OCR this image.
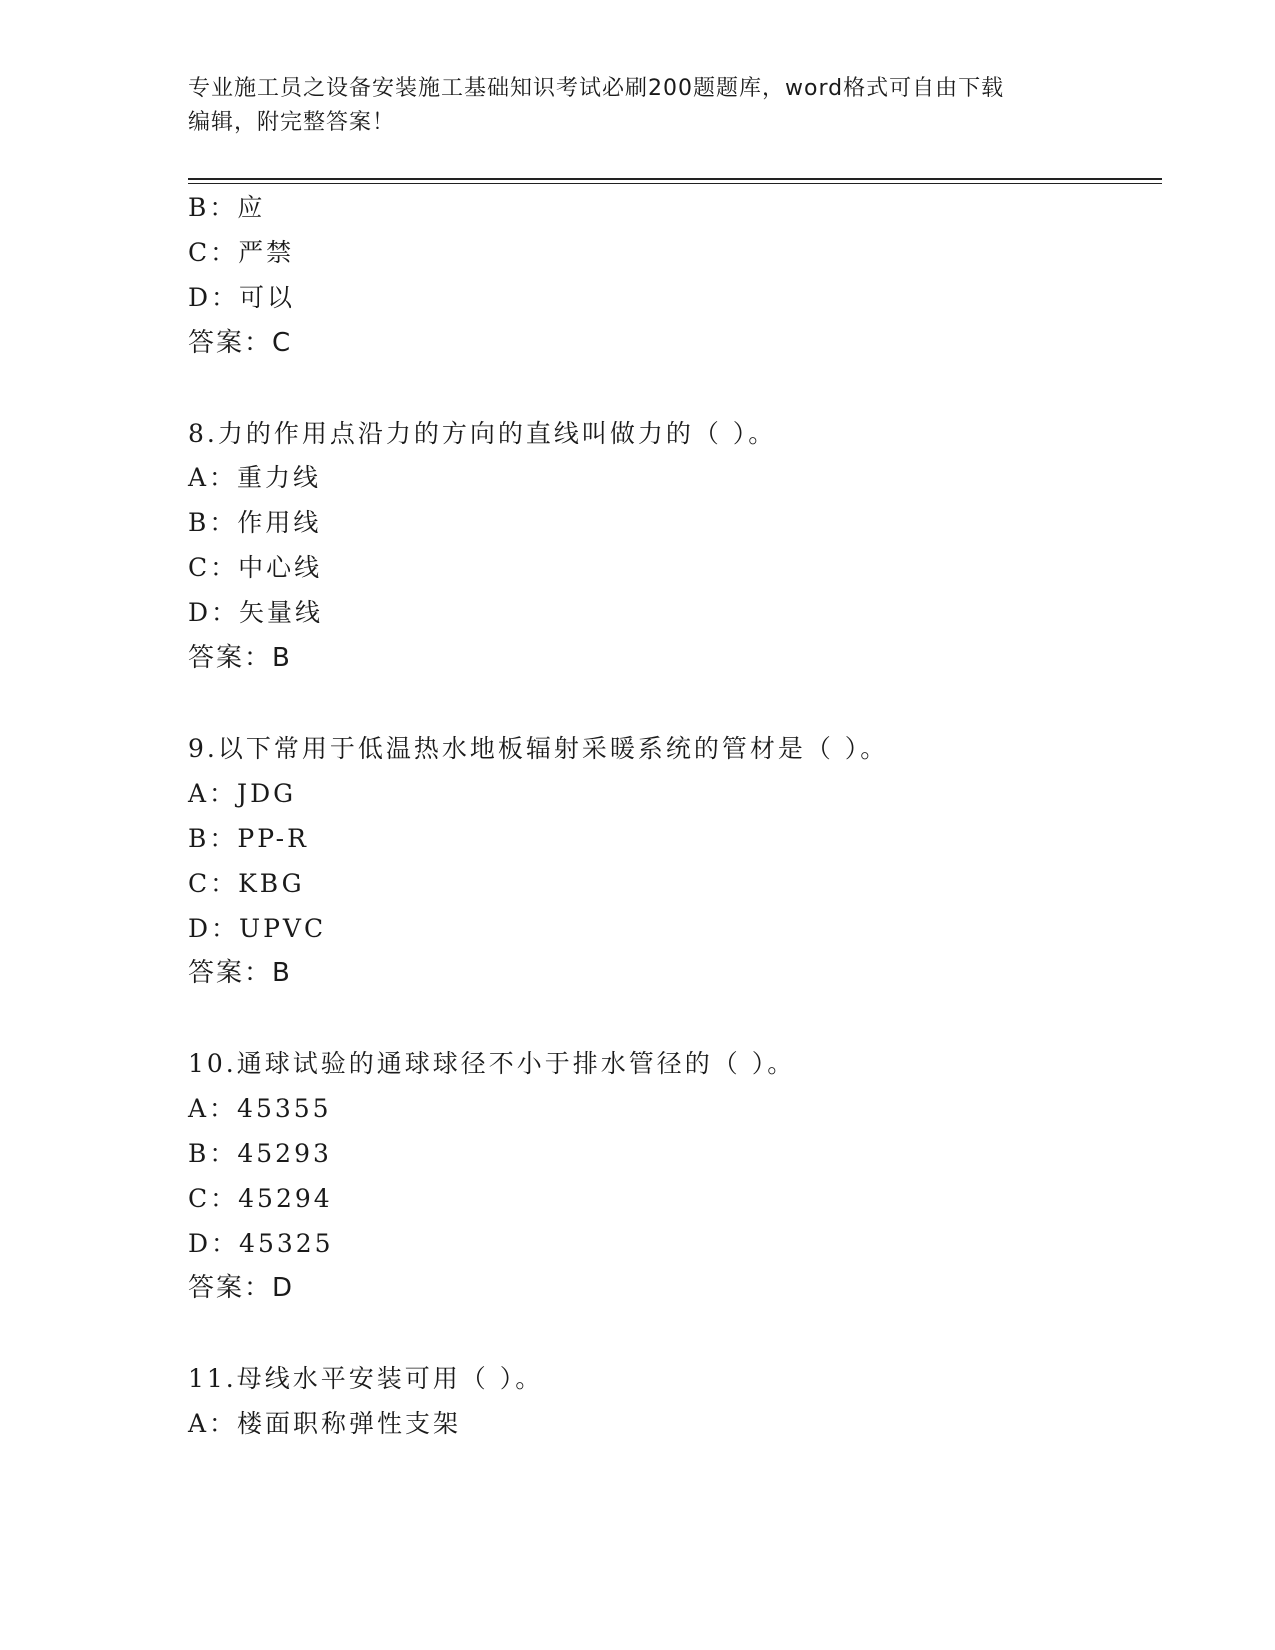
专业施工员之设备安装施工基础知识考试必刷200题题库，word格式可自由下载
编辑，附完整答案！
B：应
C：严禁
D：可以
答案：C
8.力的作用点沿力的方向的直线叫做力的（ ）。
A：重力线
B：作用线
C：中心线
D：矢量线
答案：B
9.以下常用于低温热水地板辐射采暖系统的管材是（ ）。
A：JDG
B：PP-R
C：KBG
D：UPVC
答案：B
10.通球试验的通球球径不小于排水管径的（ ）。
A：45355
B：45293
C：45294
D：45325
答案：D
11.母线水平安装可用（ ）。
A：楼面职称弹性支架
